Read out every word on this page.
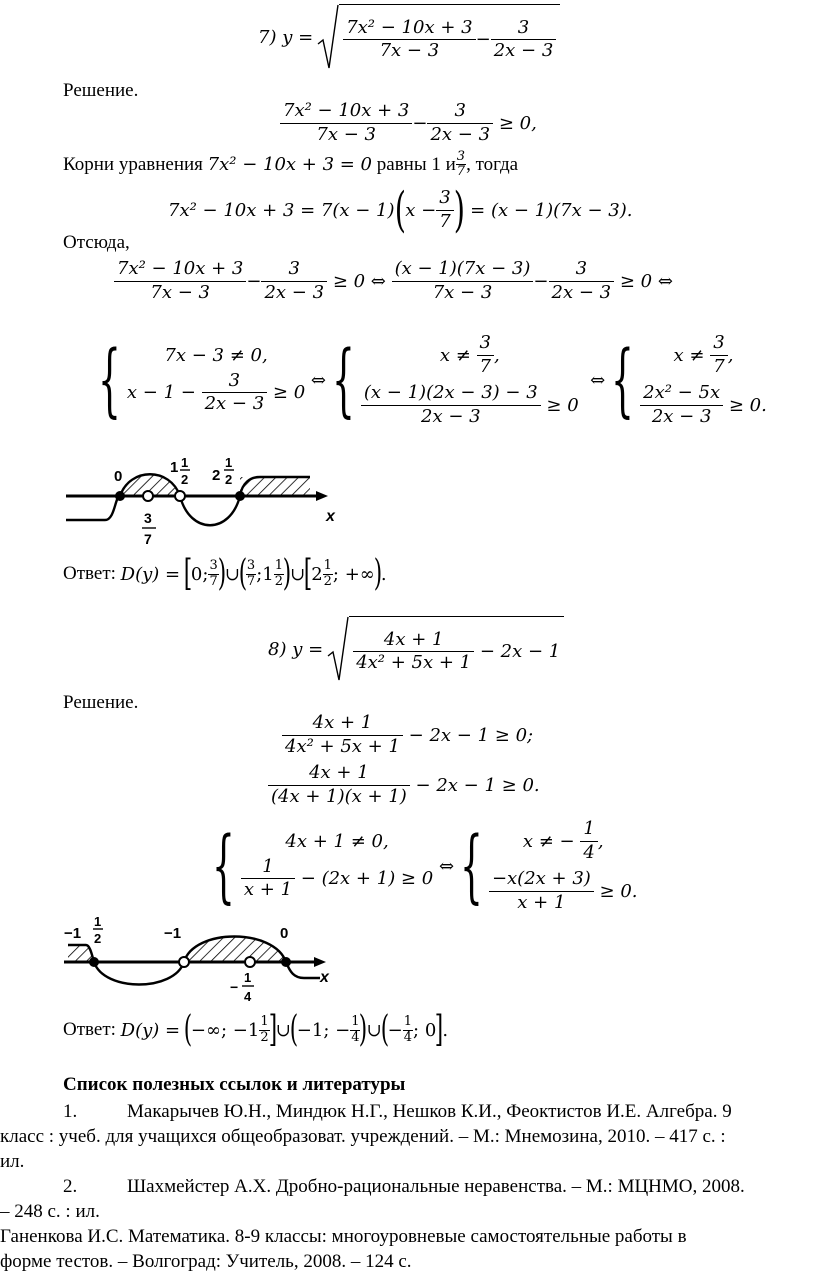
7)
$y = \frac{\text{7x² − 10x + 3}}{7x - 3} - \frac{3}{2x - 3}$
Решение.
$\frac{\text{7x² − 10x + 3}}{7x - 3} - \frac{3}{2x - 3}$
≥ 0,
Корни уравнения
7x² − 10x + 3 = 0
равны 1 и $\frac{3}{7}$ , тогда
7x² − 10x + 3 = 7(x − 1) ( $x - \frac{3}{7}$ )
= (x − 1)(7x − 3).
Отсюда,
$\frac{\text{7x² − 10x + 3}}{7x - 3} - \frac{3}{2x - 3}$
≥ 0 ⇔
$\frac{(x - 1)(7x - 3)}{7x - 3} - \frac{3}{2x - 3}$
≥ 0 ⇔
{	7x − 3 ≠ 0,
x − 1 −
$\frac{3}{2x - 3}$
≥ 0

⇔ {	x ≠
$\frac{3}{7}$ ,
$\frac{(x - 1)(2x - 3) - 3}{2x - 3}$
≥ 0

⇔ { x ≠
$\frac{3}{7}$ ,
$\frac{\text{2x² − 5x}}{2x - 3}$
≥ 0.
0
1 1
2 2
1
2
3
7
x
Ответ:
D(y) =
[
0; $\frac{3}{7}$
)
∪
(
$\frac{3}{7}$ ; $1 \frac{1}{2}$
)
∪
[
$2 \frac{1}{2}$ ; +∞
)
.
8)
$y = \frac{4x + 1}{\text{4x² + 5x + 1}}$
− 2x − 1
Решение.
$\frac{4x + 1}{\text{4x² + 5x + 1}}$
− 2x − 1 ≥ 0;
$\frac{4x + 1}{(4x + 1)(x + 1)}$
− 2x − 1 ≥ 0.
{	4x + 1 ≠ 0,
$\frac{1}{x + 1}$
− (2x + 1) ≥ 0

⇔ { x ≠ −
$\frac{1}{4}$ ,
$\frac{-x(2x + 3)}{x + 1}$
≥ 0.
−1
1
2	−1	0
−
1
4
x
Ответ:
D(y) =
(
−∞; $-1 \frac{1}{2}$
]
∪
(
−1; − $\frac{1}{4}$
)
∪
(
− $\frac{1}{4}$ ; 0
]
.
Список полезных ссылок и литературы
1.	Макарычев Ю.Н., Миндюк Н.Г., Нешков К.И., Феоктистов И.Е. Алгебра. 9
класс : учеб. для учащихся общеобразоват. учреждений. – М.: Мнемозина, 2010. – 417 с. :
ил.
2.	Шахмейстер А.Х. Дробно-рациональные неравенства. – М.: МЦНМО, 2008.
– 248 с. : ил.
Ганенкова И.С. Математика. 8-9 классы: многоуровневые самостоятельные работы в
форме тестов. – Волгоград: Учитель, 2008. – 124 с.
